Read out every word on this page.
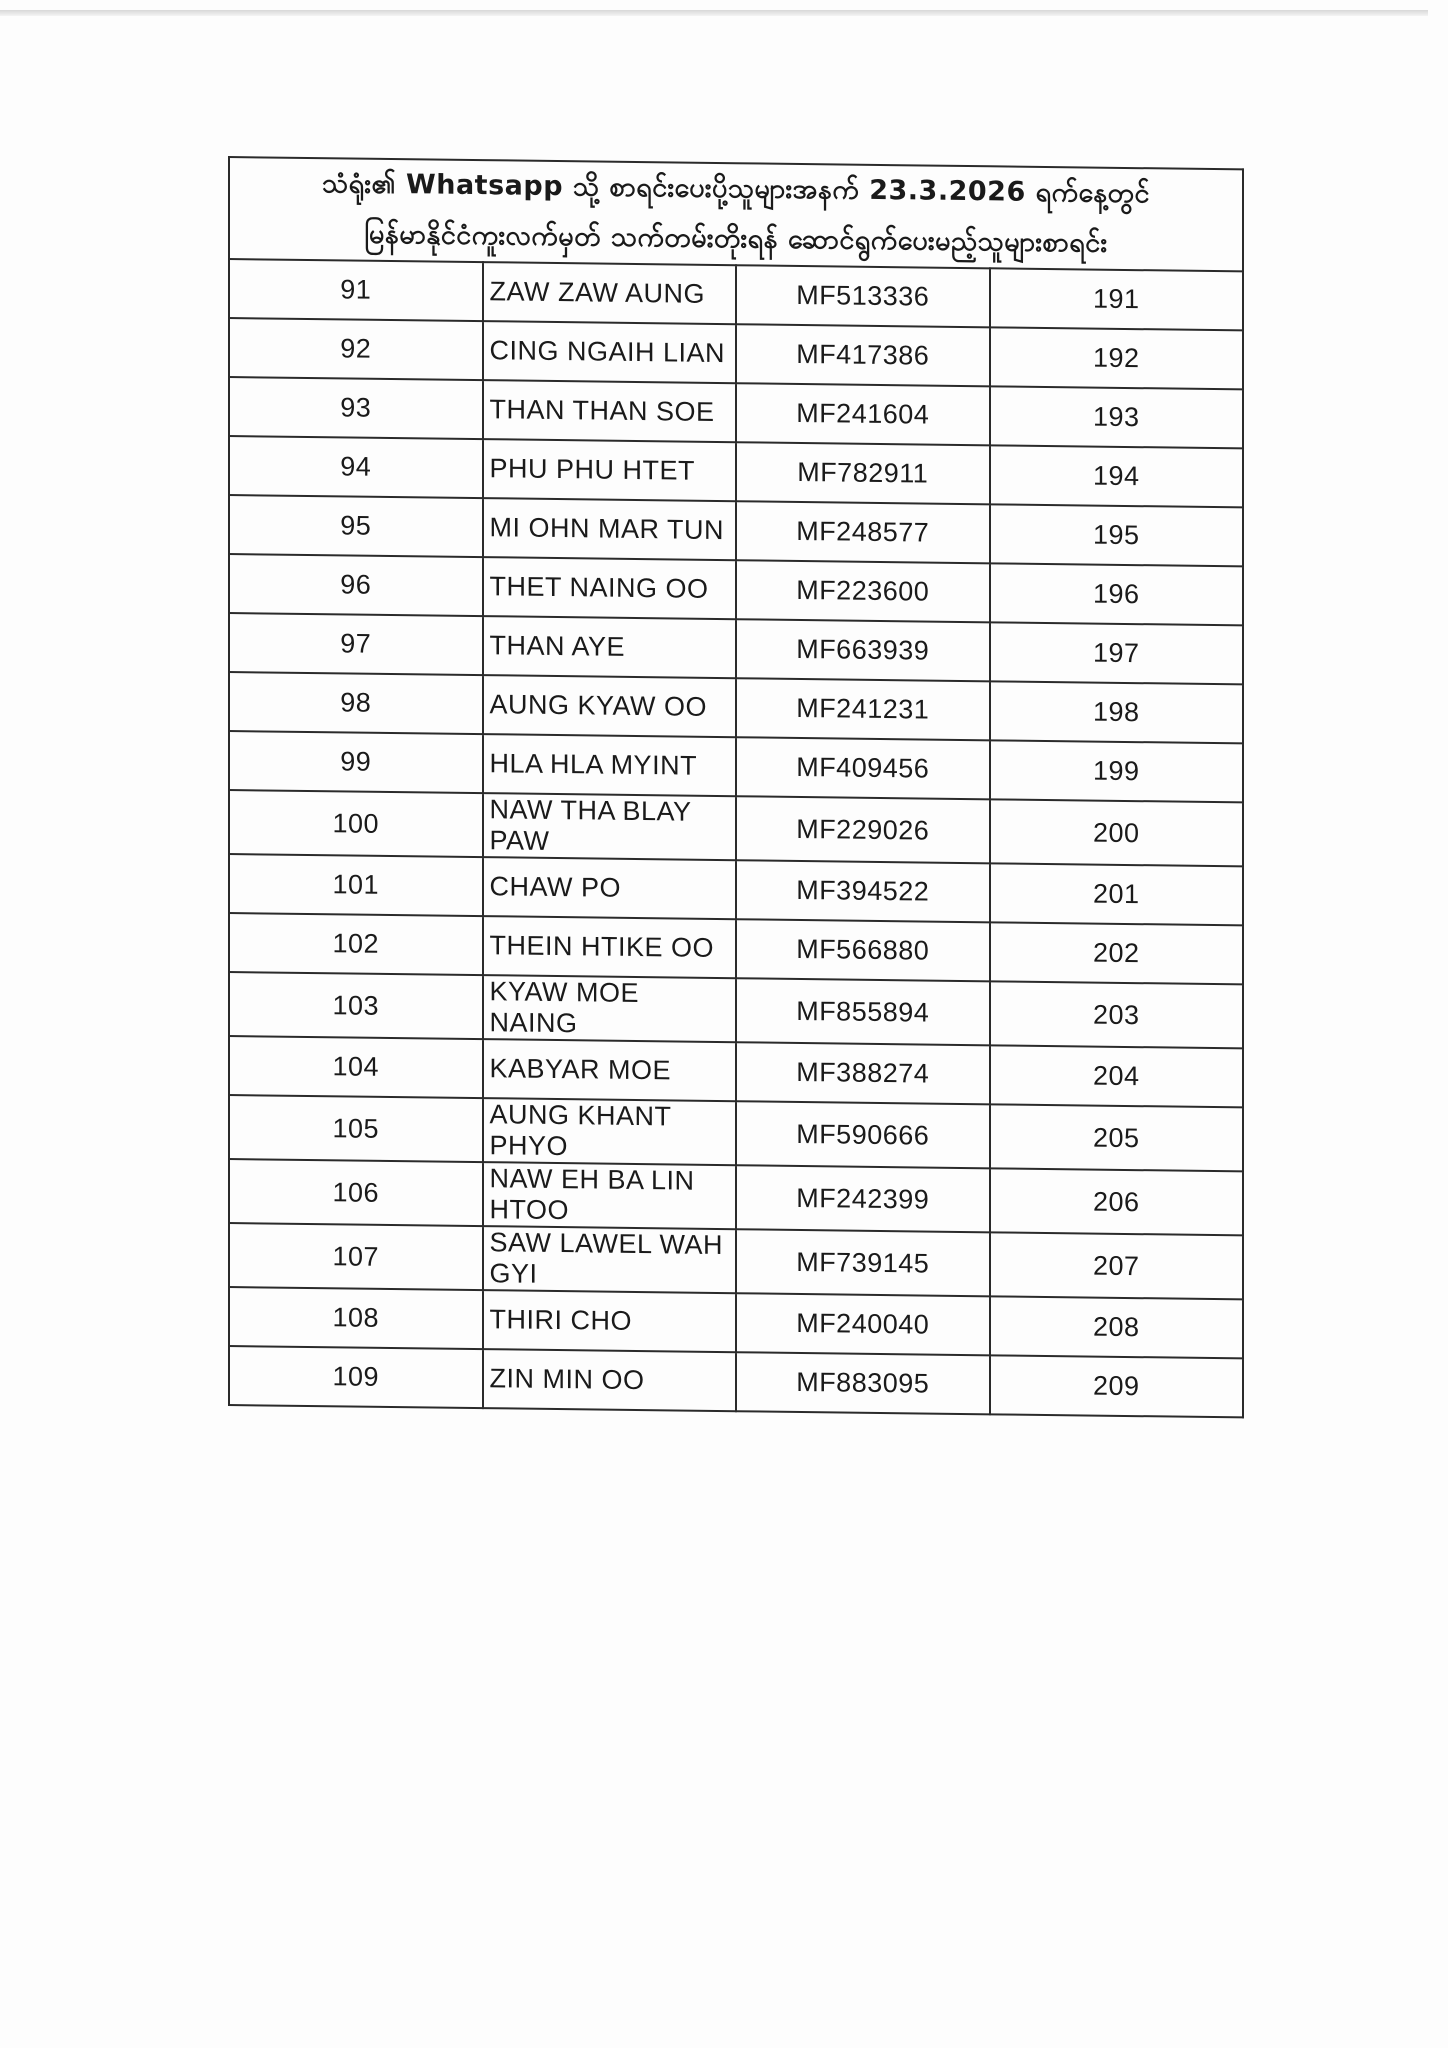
သံရုံး၏ Whatsapp သို့ စာရင်းပေးပို့သူများအနက် 23.3.2026 ရက်နေ့တွင်
မြန်မာနိုင်ငံကူးလက်မှတ် သက်တမ်းတိုးရန် ဆောင်ရွက်ပေးမည့်သူများစာရင်း			

91	ZAW ZAW AUNG	MF513336	191
92	CING NGAIH LIAN	MF417386	192
93	THAN THAN SOE	MF241604	193
94	PHU PHU HTET	MF782911	194
95	MI OHN MAR TUN	MF248577	195
96	THET NAING OO	MF223600	196
97	THAN AYE	MF663939	197
98	AUNG KYAW OO	MF241231	198
99	HLA HLA MYINT	MF409456	199
100	NAW THA BLAY PAW	MF229026	200
101	CHAW PO	MF394522	201
102	THEIN HTIKE OO	MF566880	202
103	KYAW MOE NAING	MF855894	203
104	KABYAR MOE	MF388274	204
105	AUNG KHANT PHYO	MF590666	205
106	NAW EH BA LIN HTOO	MF242399	206
107	SAW LAWEL WAH GYI	MF739145	207
108	THIRI CHO	MF240040	208
109	ZIN MIN OO	MF883095	209
